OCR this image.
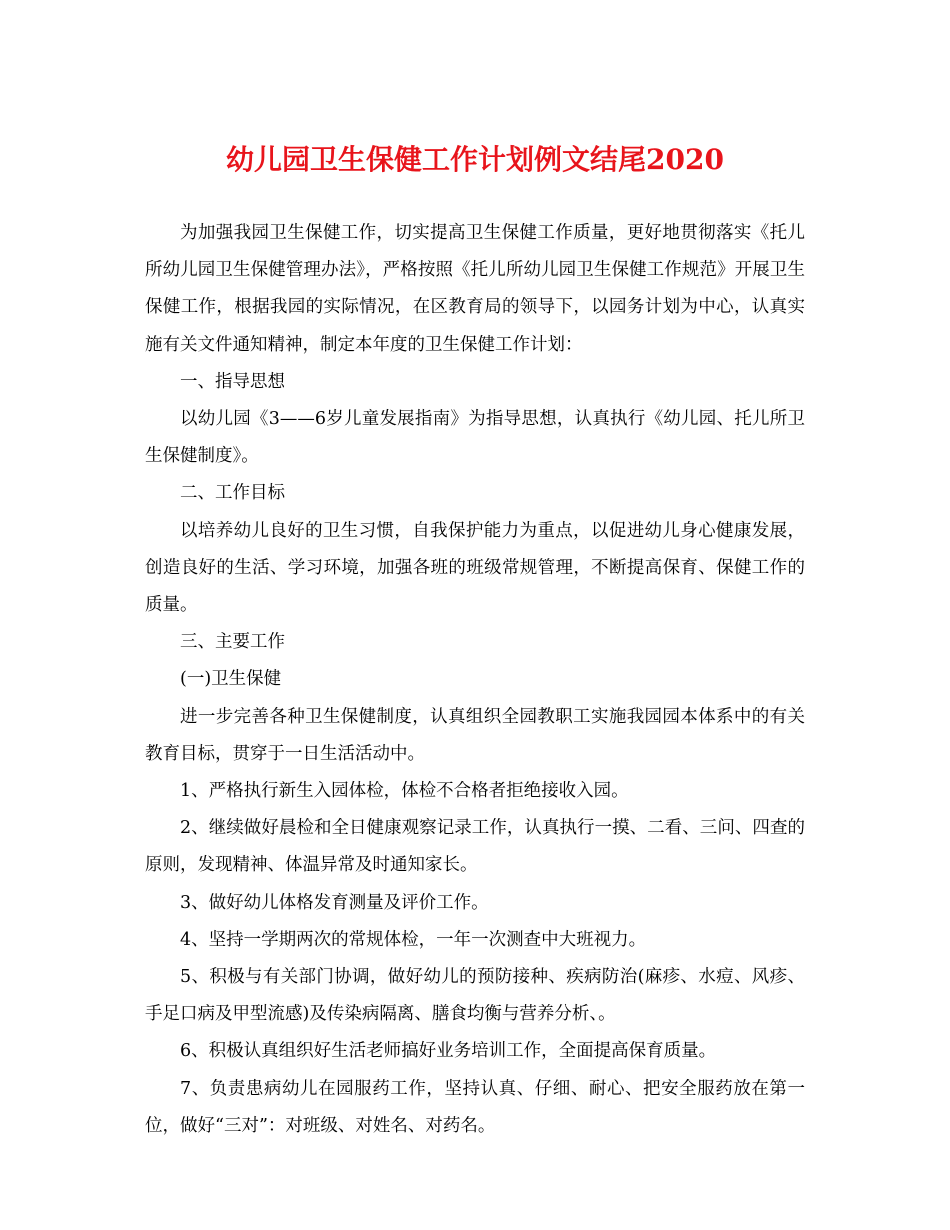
幼儿园卫生保健工作计划例文结尾2020

为加强我园卫生保健工作，切实提高卫生保健工作质量，更好地贯彻落实《托儿所幼儿园卫生保健管理办法》，严格按照《托儿所幼儿园卫生保健工作规范》开展卫生保健工作，根据我园的实际情况，在区教育局的领导下，以园务计划为中心，认真实施有关文件通知精神，制定本年度的卫生保健工作计划：

一、指导思想

以幼儿园《3——6岁儿童发展指南》为指导思想，认真执行《幼儿园、托儿所卫生保健制度》。

二、工作目标

以培养幼儿良好的卫生习惯，自我保护能力为重点，以促进幼儿身心健康发展，创造良好的生活、学习环境，加强各班的班级常规管理，不断提高保育、保健工作的质量。

三、主要工作

(一)卫生保健

进一步完善各种卫生保健制度，认真组织全园教职工实施我园园本体系中的有关教育目标，贯穿于一日生活活动中。

1、严格执行新生入园体检，体检不合格者拒绝接收入园。

2、继续做好晨检和全日健康观察记录工作，认真执行一摸、二看、三问、四查的原则，发现精神、体温异常及时通知家长。

3、做好幼儿体格发育测量及评价工作。

4、坚持一学期两次的常规体检，一年一次测查中大班视力。

5、积极与有关部门协调，做好幼儿的预防接种、疾病防治(麻疹、水痘、风疹、手足口病及甲型流感)及传染病隔离、膳食均衡与营养分析、。

6、积极认真组织好生活老师搞好业务培训工作，全面提高保育质量。

7、负责患病幼儿在园服药工作，坚持认真、仔细、耐心、把安全服药放在第一位，做好“三对”：对班级、对姓名、对药名。
